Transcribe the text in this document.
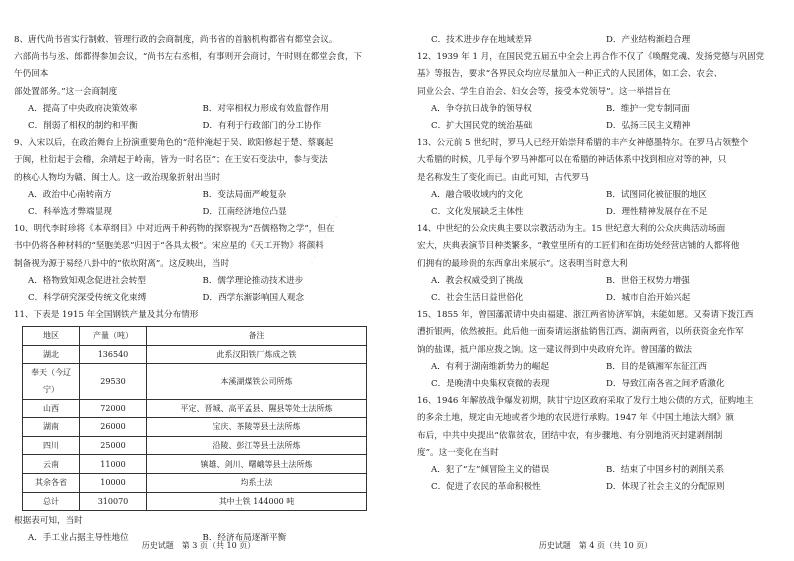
8、唐代尚书省实行制敕、管理行政的会商制度，尚书省的首脑机构都省有都堂会议。

六部尚书与丞、郎都得参加会议，“尚书左右丞相，有事则开会商讨，午时则在都堂会食，下午仍回本

部处置部务。”这一会商制度

A．提高了中央政府决策效率	B．对宰相权力形成有效监督作用
C．削弱了相权的制约和平衡	D．有利于行政部门的分工协作

9、入宋以后，在政治舞台上扮演重要角色的“范仲淹起于吴、欧阳修起于楚、蔡襄起

于闽，杜衍起于会稽，余靖起于岭南，皆为一时名臣”；在王安石变法中，参与变法

的核心人物均为赣、闽士人。这一政治现象折射出当时

A．政治中心南转南方	B．变法局面严峻复杂
C．科举选才弊端显现	D．江南经济地位凸显

10、明代李时珍将《本草纲目》中对近两千种药物的探察视为“吾儒格物之学”，但在

书中仍将各种材料的“坚胞美恶”归因于“各具太极”。宋应星的《天工开物》将颜料

制备视为源于易经八卦中的“依坎附离”。这反映出，当时

A．格物致知观念促进社会转型	B．儒学理论推动技术进步
C．科学研究深受传统文化束缚	D．西学东渐影响国人观念

11、下表是 1915 年全国钢铁产量及其分布情形

地区	产量（吨）	备注
湖北	136540	此系汉阳铁厂炼成之铁
奉天（今辽宁）	29530	本溪湖煤铁公司所炼
山西	72000	平定、晋城、高平孟县、隰县等处土法所炼
湖南	26000	宝庆、茶陵等县土法所炼
四川	25000	沿陵、彭江等县土法所炼
云南	11000	镇雄、剑川、曙峨等县土法所炼
其余各省	10000	均系土法
总计	310070	其中土铁 144000 吨

根据表可知，当时

A．手工业占据主导性地位	B．经济布局逐渐平衡
历史试题　第 3 页（共 10 页）
· · · · · · · · · ·
C．技术进步存在地域差异	D．产业结构渐趋合理

12、1939 年 1 月，在国民党五届五中全会上再合作不仅了《唤醒党魂、发扬党德与巩固党

基》等报告，要求“各界民众均应尽量加入一种正式的人民团体，如工会、农会、

同业公会、学生自治会、妇女会等，接受本党领导”。这一举措旨在

A．争夺抗日战争的领导权	B．维护一党专制同面
C．扩大国民党的统治基础	D．弘扬三民主义精神

13、公元前 5 世纪时，罗马人已经开始崇拜希腊的丰产女神德墨特尔。在罗马占领整个

大希腊的时候，几乎每个罗马神都可以在希腊的神话体系中找到相应对等的神，只

是名称发生了变化而已。由此可知，古代罗马

A．融合吸收域内的文化	B．试图同化被征服的地区
C．文化发展缺乏主体性	D．理性精神发展存在不足

14、中世纪的公众庆典主要以宗教活动为主。15 世纪意大利的公众庆典活动场面

宏大，庆典表演节目种类繁多，“教堂里所有的工匠们和在街坊处经营店铺的人都将他

们拥有的最珍贵的东西拿出来展示”。这表明当时意大利

A．教会权威受到了挑战	B．世俗王权势力增强
C．社会生活日益世俗化	D．城市自治开始兴起

15、1855 年，曾国藩派请中央由福建、浙江两省协济军饷，未能如愿。又奏请下拨江西

漕折银两，依然被拒。此后他一面奏请运浙盐销售江西、湖南两省，以所获资金充作军

饷的盐课，抵户部应拨之饷。这一建议得到中央政府允许。曾国藩的做法

A．有利于湖南维新势力的崛起	B．目的是镇湘军东征江西
C．是晚清中央集权衰微的表现	D．导致江南各省之间矛盾激化

16、1946 年解放战争爆发初期，陕甘宁边区政府采取了发行土地公债的方式，征购地主

的多余土地，规定由无地或者少地的农民进行承购。1947 年《中国土地法大纲》颁

布后，中共中央提出“依靠贫农，团结中农，有步骤地、有分别地消灭封建剥削制

度”。这一变化在当时

A．犯了“左”倾冒险主义的错误	B．结束了中国乡村的剥削关系
C．促进了农民的革命积极性	D．体现了社会主义的分配原则
历史试题　第 4 页（共 10 页）
